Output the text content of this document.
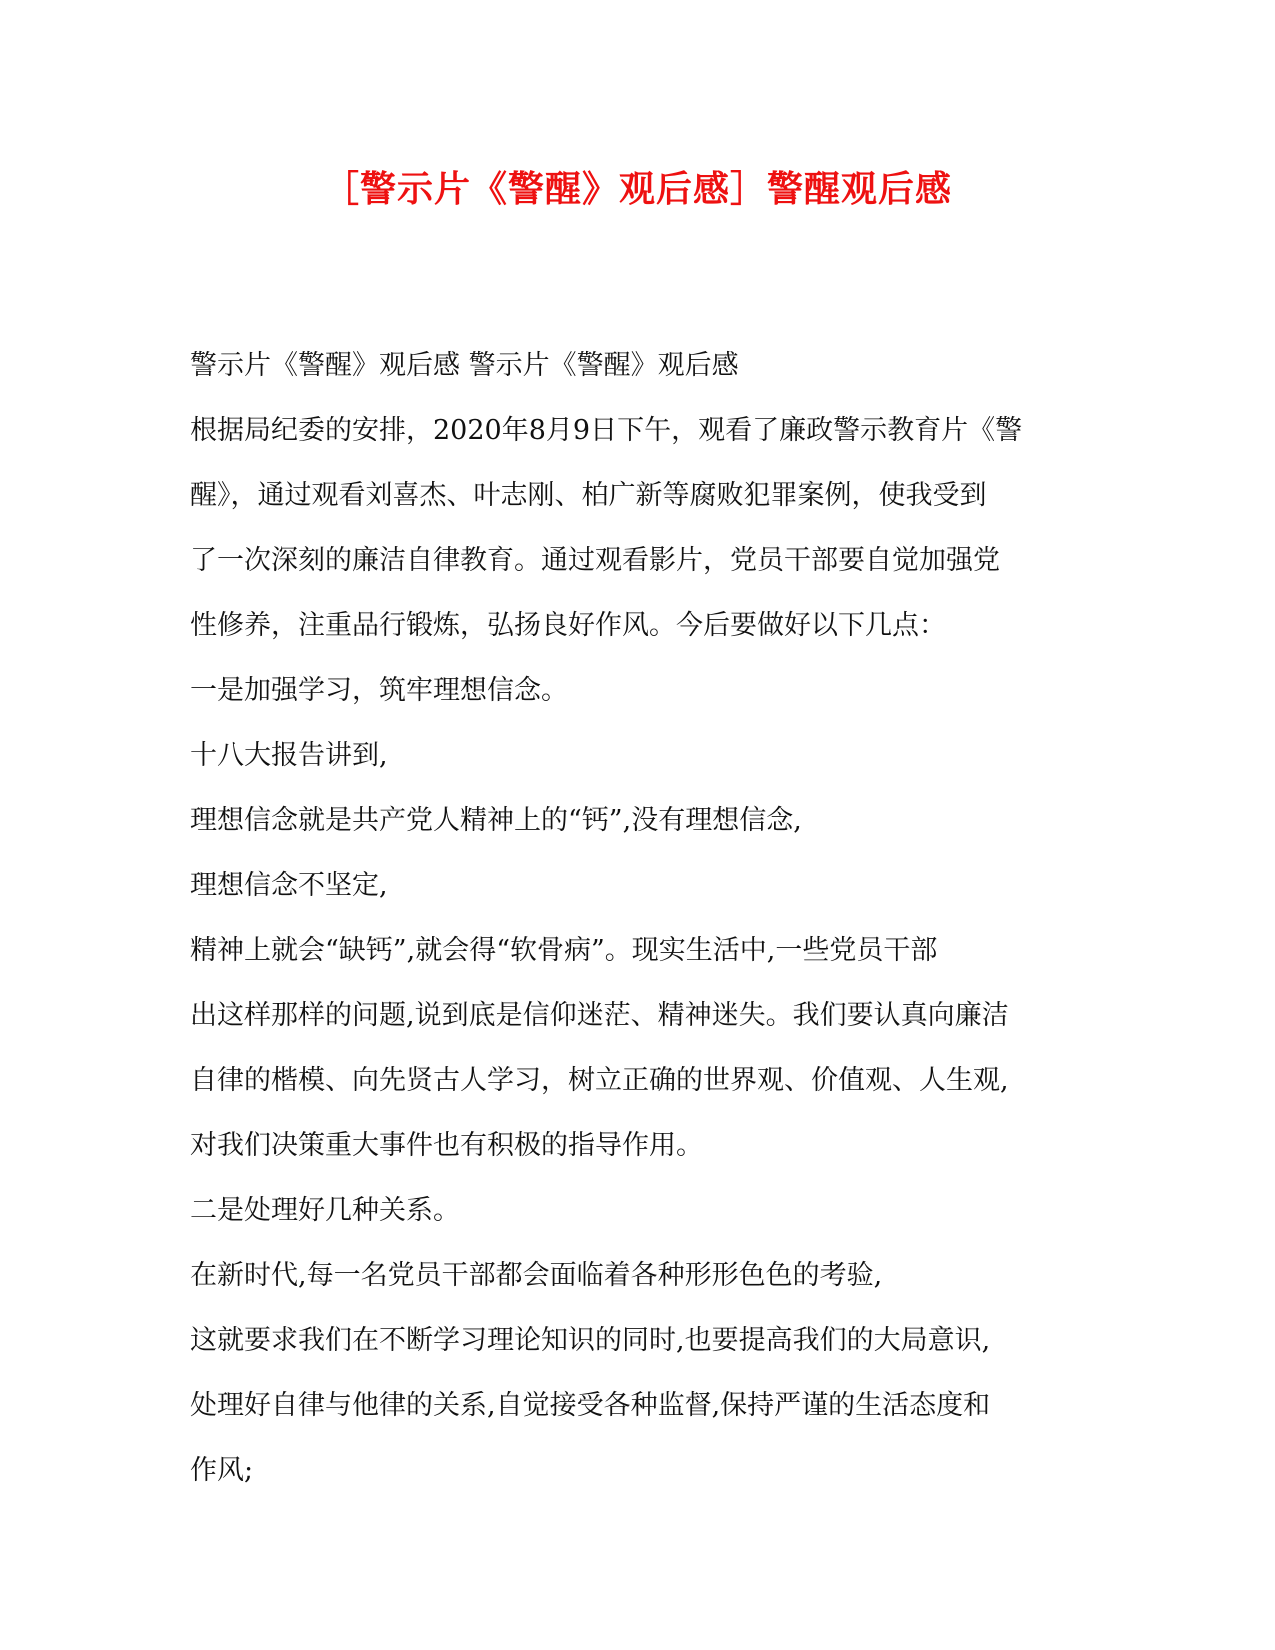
［警示片《警醒》观后感］警醒观后感
警示片《警醒》观后感 警示片《警醒》观后感
根据局纪委的安排，2020年8月9日下午，观看了廉政警示教育片《警
醒》，通过观看刘喜杰、叶志刚、柏广新等腐败犯罪案例，使我受到
了一次深刻的廉洁自律教育。通过观看影片，党员干部要自觉加强党
性修养，注重品行锻炼，弘扬良好作风。今后要做好以下几点：
一是加强学习，筑牢理想信念。
十八大报告讲到,
理想信念就是共产党人精神上的“钙”,没有理想信念,
理想信念不坚定,
精神上就会“缺钙”,就会得“软骨病”。现实生活中,一些党员干部
出这样那样的问题,说到底是信仰迷茫、精神迷失。我们要认真向廉洁
自律的楷模、向先贤古人学习，树立正确的世界观、价值观、人生观,
对我们决策重大事件也有积极的指导作用。
二是处理好几种关系。
在新时代,每一名党员干部都会面临着各种形形色色的考验,
这就要求我们在不断学习理论知识的同时,也要提高我们的大局意识,
处理好自律与他律的关系,自觉接受各种监督,保持严谨的生活态度和
作风;
